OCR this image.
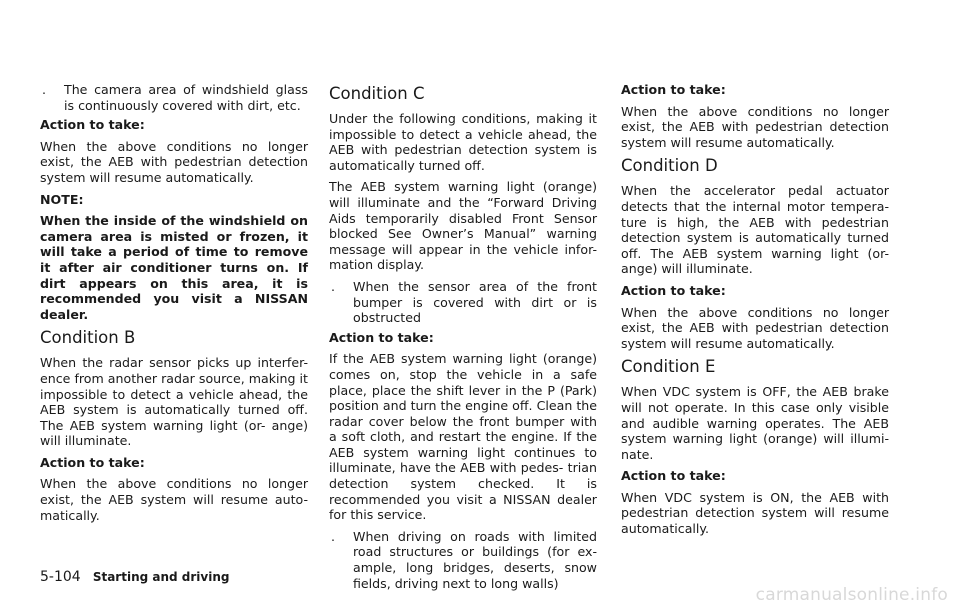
. The camera area of windshield glass is continuously covered with dirt, etc.

Action to take:

When the above conditions no longer exist, the AEB with pedestrian detection system will resume automatically.

NOTE:

When the inside of the windshield on camera area is misted or frozen, it will take a period of time to remove it after air conditioner turns on. If dirt appears on this area, it is recommended you visit a NISSAN dealer.

Condition B

When the radar sensor picks up interfer- ence from another radar source, making it impossible to detect a vehicle ahead, the AEB system is automatically turned off. The AEB system warning light (or- ange) will illuminate.

Action to take:

When the above conditions no longer exist, the AEB system will resume auto- matically.

Condition C

Under the following conditions, making it impossible to detect a vehicle ahead, the AEB with pedestrian detection system is automatically turned off.

The AEB system warning light (orange) will illuminate and the “Forward Driving Aids temporarily disabled Front Sensor blocked See Owner’s Manual” warning message will appear in the vehicle infor- mation display.

. When the sensor area of the front bumper is covered with dirt or is obstructed

Action to take:

If the AEB system warning light (orange) comes on, stop the vehicle in a safe place, place the shift lever in the P (Park) position and turn the engine off. Clean the radar cover below the front bumper with a soft cloth, and restart the engine. If the AEB system warning light continues to illuminate, have the AEB with pedes- trian detection system checked. It is recommended you visit a NISSAN dealer for this service.

. When driving on roads with limited road structures or buildings (for ex- ample, long bridges, deserts, snow fields, driving next to long walls)

Action to take:

When the above conditions no longer exist, the AEB with pedestrian detection system will resume automatically.

Condition D

When the accelerator pedal actuator detects that the internal motor tempera- ture is high, the AEB with pedestrian detection system is automatically turned off. The AEB system warning light (or- ange) will illuminate.

Action to take:

When the above conditions no longer exist, the AEB with pedestrian detection system will resume automatically.

Condition E

When VDC system is OFF, the AEB brake will not operate. In this case only visible and audible warning operates. The AEB system warning light (orange) will illumi- nate.

Action to take:

When VDC system is ON, the AEB with pedestrian detection system will resume automatically.

5-104 Starting and driving
carmanualsonline.info
